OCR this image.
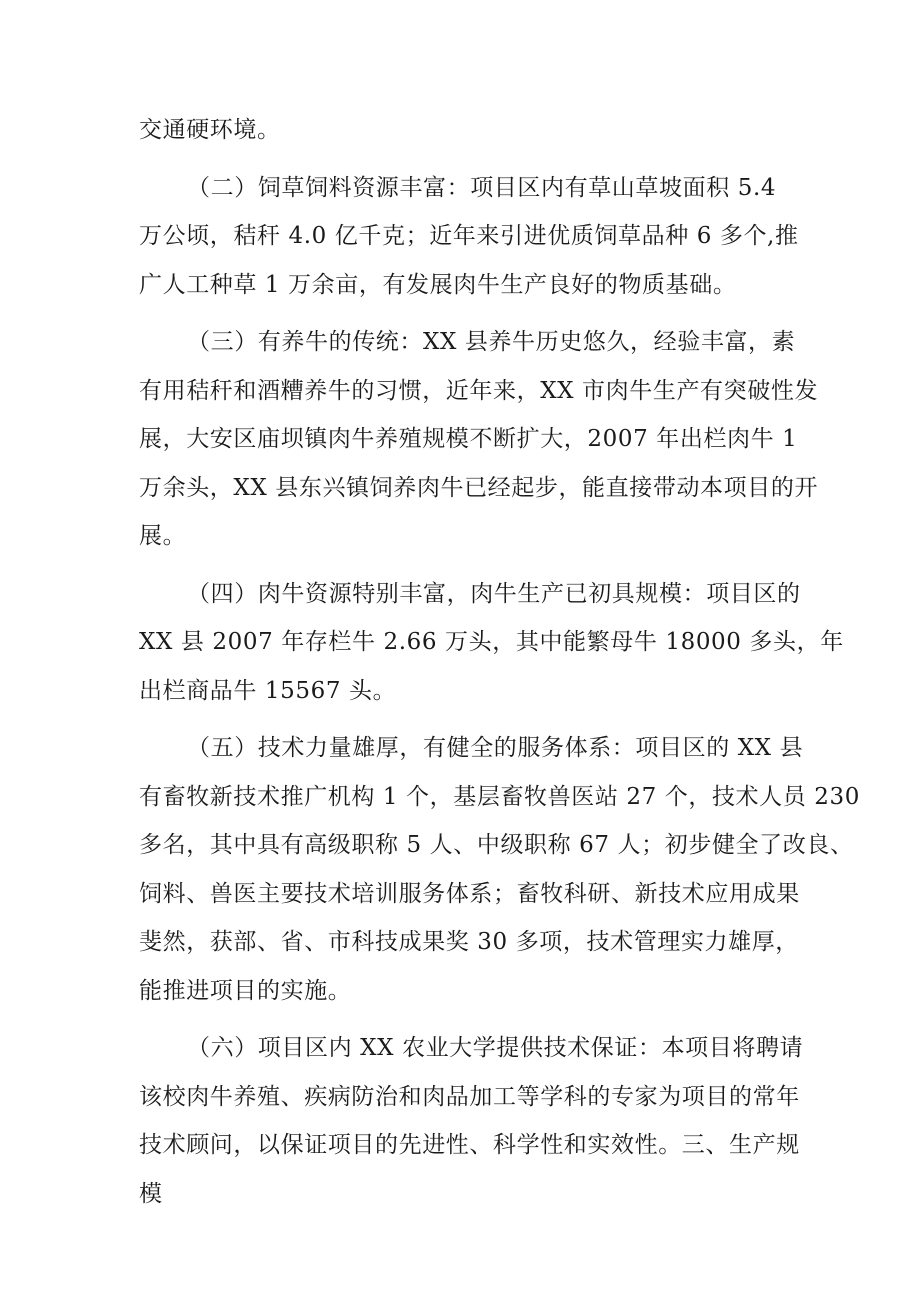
交通硬环境。

（二）饲草饲料资源丰富：项目区内有草山草坡面积 5.4
万公顷，秸秆 4.0 亿千克；近年来引进优质饲草品种 6 多个,推
广人工种草 1 万余亩，有发展肉牛生产良好的物质基础。

（三）有养牛的传统：XX 县养牛历史悠久，经验丰富，素
有用秸秆和酒糟养牛的习惯，近年来，XX 市肉牛生产有突破性发
展，大安区庙坝镇肉牛养殖规模不断扩大，2007 年出栏肉牛 1
万余头，XX 县东兴镇饲养肉牛已经起步，能直接带动本项目的开
展。

（四）肉牛资源特别丰富，肉牛生产已初具规模：项目区的
XX 县 2007 年存栏牛 2.66 万头，其中能繁母牛 18000 多头，年
出栏商品牛 15567 头。

（五）技术力量雄厚，有健全的服务体系：项目区的 XX 县
有畜牧新技术推广机构 1 个，基层畜牧兽医站 27 个，技术人员 230
多名，其中具有高级职称 5 人、中级职称 67 人；初步健全了改良、
饲料、兽医主要技术培训服务体系；畜牧科研、新技术应用成果
斐然，获部、省、市科技成果奖 30 多项，技术管理实力雄厚，
能推进项目的实施。

（六）项目区内 XX 农业大学提供技术保证：本项目将聘请
该校肉牛养殖、疾病防治和肉品加工等学科的专家为项目的常年
技术顾问，以保证项目的先进性、科学性和实效性。三、生产规
模
